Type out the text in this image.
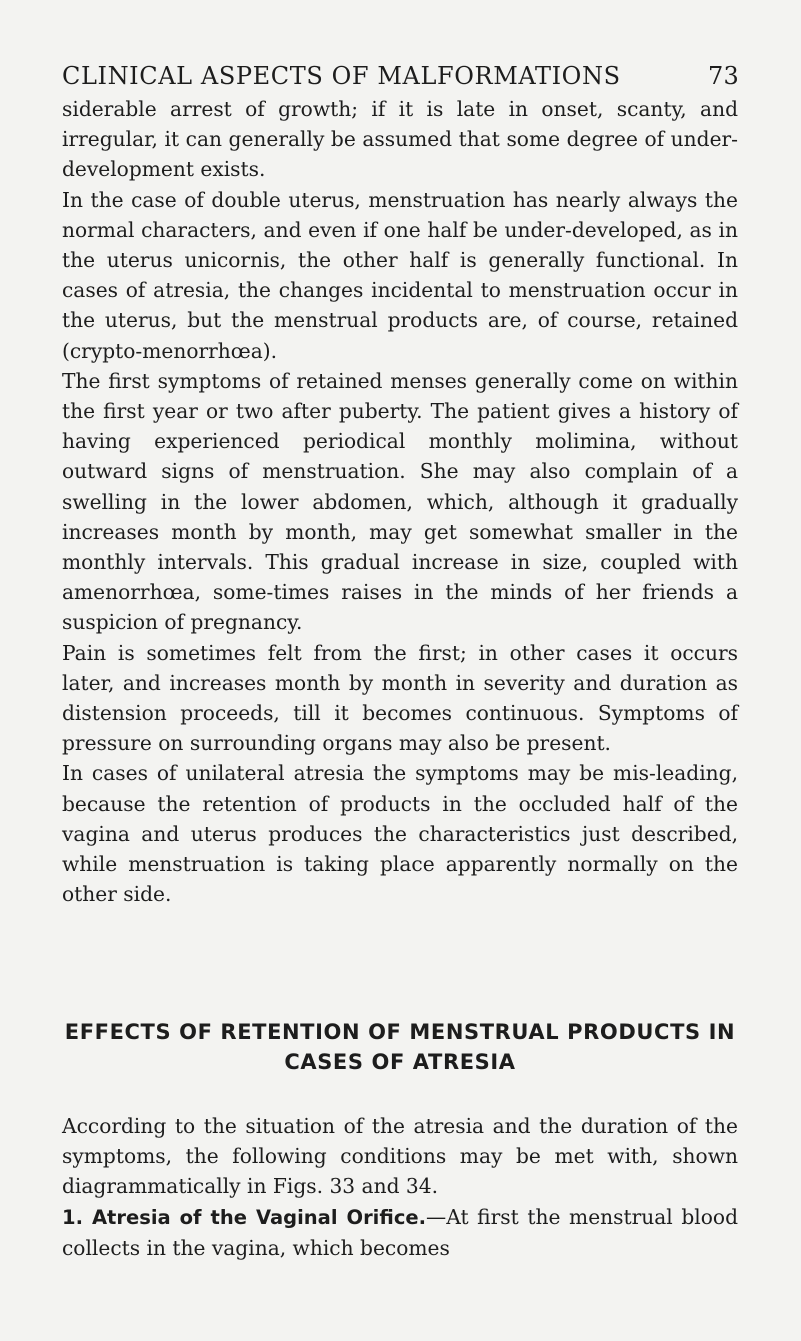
CLINICAL ASPECTS OF MALFORMATIONS	73

siderable arrest of growth; if it is late in onset, scanty, and irregular, it can generally be assumed that some degree of under-development exists.

In the case of double uterus, menstruation has nearly always the normal characters, and even if one half be under-developed, as in the uterus unicornis, the other half is generally functional. In cases of atresia, the changes incidental to menstruation occur in the uterus, but the menstrual products are, of course, retained (crypto-menorrhœa).

The first symptoms of retained menses generally come on within the first year or two after puberty. The patient gives a history of having experienced periodical monthly molimina, without outward signs of menstruation. She may also complain of a swelling in the lower abdomen, which, although it gradually increases month by month, may get somewhat smaller in the monthly intervals. This gradual increase in size, coupled with amenorrhœa, some-times raises in the minds of her friends a suspicion of pregnancy.

Pain is sometimes felt from the first; in other cases it occurs later, and increases month by month in severity and duration as distension proceeds, till it becomes continuous. Symptoms of pressure on surrounding organs may also be present.

In cases of unilateral atresia the symptoms may be mis-leading, because the retention of products in the occluded half of the vagina and uterus produces the characteristics just described, while menstruation is taking place apparently normally on the other side.

EFFECTS OF RETENTION OF MENSTRUAL PRODUCTS IN CASES OF ATRESIA

According to the situation of the atresia and the duration of the symptoms, the following conditions may be met with, shown diagrammatically in Figs. 33 and 34.

1. Atresia of the Vaginal Orifice.—At first the menstrual blood collects in the vagina, which becomes
